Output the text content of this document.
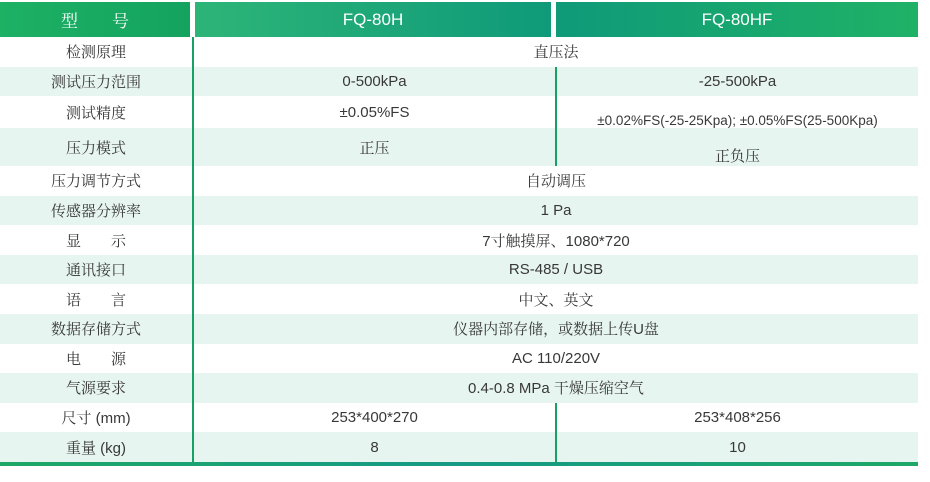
型　　号	FQ-80H	FQ-80HF
检测原理	直压法
测试压力范围	0-500kPa	-25-500kPa
测试精度	±0.05%FS	±0.02%FS(-25-25Kpa); ±0.05%FS(25-500Kpa)
压力模式	正压	正负压
压力调节方式	自动调压
传感器分辨率	1 Pa
显　　示	7寸触摸屏、1080*720
通讯接口	RS-485 / USB
语　　言	中文、英文
数据存储方式	仪器内部存储，或数据上传U盘
电　　源	AC 110/220V
气源要求	0.4-0.8 MPa 干燥压缩空气
尺寸 (mm)	253*400*270	253*408*256
重量 (kg)	8	10
